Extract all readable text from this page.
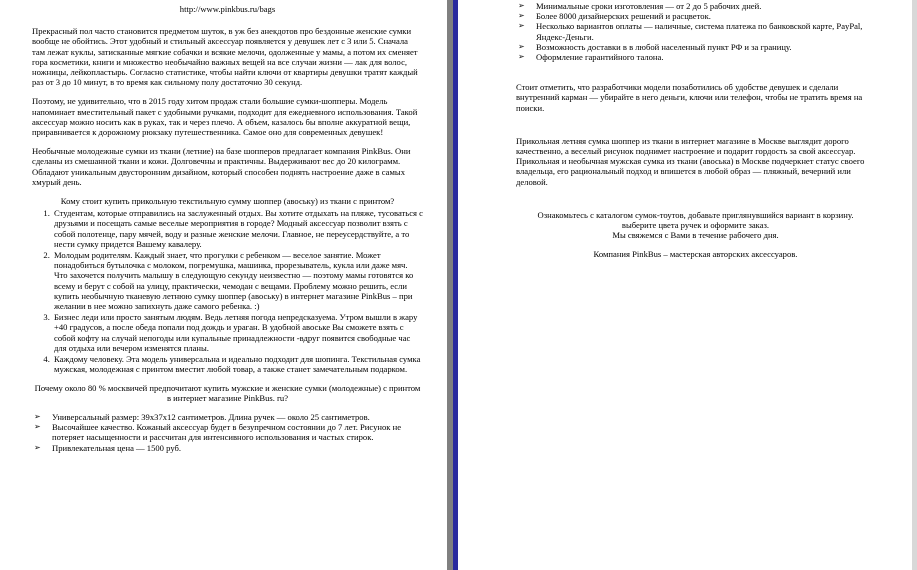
http://www.pinkbus.ru/bags

Прекрасный пол часто становится предметом шуток, в уж без анекдотов про бездонные женские сумки вообще не обойтись. Этот удобный и стильный аксессуар появляется у девушек лет с 3 или 5. Сначала там лежат куклы, затисканные мягкие собачки и всякие мелочи, одолженные у мамы, а потом их сменяет гора косметики, книги и множество необычайно важных вещей на все случаи жизни — лак для волос, ножницы, лейкопластырь. Согласно статистике, чтобы найти ключи от квартиры девушки тратят каждый раз от 3 до 10 минут, в то время как сильному полу достаточно 30 секунд.

Поэтому, не удивительно, что в 2015 году хитом продаж стали большие сумки-шопперы. Модель напоминает вместительный пакет с удобными ручками, подходит для ежедневного использования. Такой аксессуар можно носить как в руках, так и через плечо. А объем, казалось бы вполне аккуратной вещи, приравнивается к дорожному рюкзаку путешественника. Самое оно для современных девушек!

Необычные молодежные сумки из ткани (летние) на базе шопперов предлагает компания PinkBus. Они сделаны из смешанной ткани и кожи. Долговечны и практичны. Выдерживают вес до 20 килограмм. Обладают уникальным двусторонним дизайном, который способен поднять настроение даже в самых хмурый день.

Кому стоит купить прикольную текстильную сумму шоппер (авоську) из ткани с принтом?

1. Студентам, которые отправились на заслуженный отдых. Вы хотите отдыхать на пляже, тусоваться с друзьями и посещать самые веселые мероприятия в городе? Модный аксессуар позволит взять с собой полотенце, пару мячей, воду и разные женские мелочи. Главное, не переусердствуйте, а то нести сумку придется Вашему кавалеру.
2. Молодым родителям. Каждый знает, что прогулки с ребенком — веселое занятие. Может понадобиться бутылочка с молоком, погремушка, машинка, прорезыватель, кукла или даже мяч. Что захочется получить малышу в следующую секунду неизвестно — поэтому мамы готовятся ко всему и берут с собой на улицу, практически, чемодан с вещами. Проблему можно решить, если купить необычную тканевую летнюю сумку шоппер (авоську) в интернет магазине PinkBus – при желании в нее можно запихнуть даже самого ребенка. :)
3. Бизнес леди или просто занятым людям. Ведь летняя погода непредсказуема. Утром вышли в жару +40 градусов, а после обеда попали под дождь и ураган. В удобной авоське Вы сможете взять с собой кофту на случай непогоды или купальные принадлежности -вдруг появится свободные час для отдыха или вечером изменятся планы.
4. Каждому человеку. Эта модель универсальна и идеально подходит для шопинга. Текстильная сумка мужская, молодежная с принтом вместит любой товар, а также станет замечательным подарком.

Почему около 80 % москвичей предпочитают купить мужские и женские сумки (молодежные) с принтом в интернет магазине PinkBus. ru?

➢ Универсальный размер: 39х37х12 сантиметров. Длина ручек — около 25 сантиметров.
➢ Высочайшее качество. Кожаный аксессуар будет в безупречном состоянии до 7 лет. Рисунок не потеряет насыщенности и рассчитан для интенсивного использования и частых стирок.
➢ Привлекательная цена — 1500 руб.
➢ Минимальные сроки изготовления — от 2 до 5 рабочих дней.
➢ Более 8000 дизайнерских решений и расцветок.
➢ Несколько вариантов оплаты — наличные, система платежа по банковской карте, PayPal, Яндекс-Деньги.
➢ Возможность доставки в в любой населенный пункт РФ и за границу.
➢ Оформление гарантийного талона.

Стоит отметить, что разработчики модели позаботились об удобстве девушек и сделали внутренний карман — убирайте в него деньги, ключи или телефон, чтобы не тратить время на поиски.

Прикольная летняя сумка шоппер из ткани в интернет магазине в Москве выглядит дорого качественно, а веселый рисунок поднимет настроение и подарит гордость за свой аксессуар. Прикольная и необычная мужская сумка из ткани (авоська) в Москве подчеркнет статус своего владельца, его рациональный подход и впишется в любой образ — пляжный, вечерний или деловой.

Ознакомьтесь с каталогом сумок-тоутов, добавьте приглянувшийся вариант в корзину.

выберите цвета ручек и оформите заказ.

Мы свяжемся с Вами в течение рабочего дня.

Компания PinkBus – мастерская авторских аксессуаров.
